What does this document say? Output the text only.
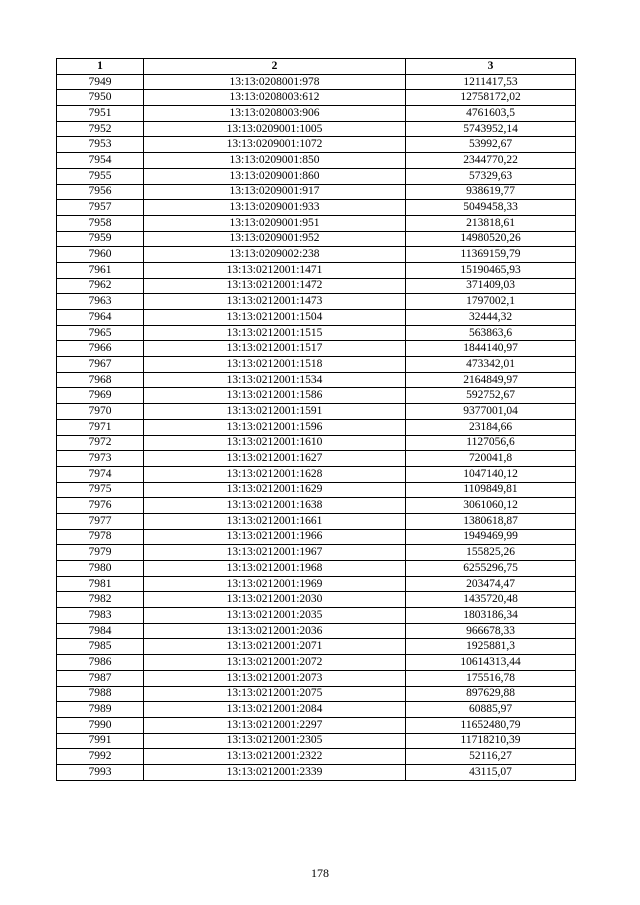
1	2	3
7949	13:13:0208001:978	1211417,53
7950	13:13:0208003:612	12758172,02
7951	13:13:0208003:906	4761603,5
7952	13:13:0209001:1005	5743952,14
7953	13:13:0209001:1072	53992,67
7954	13:13:0209001:850	2344770,22
7955	13:13:0209001:860	57329,63
7956	13:13:0209001:917	938619,77
7957	13:13:0209001:933	5049458,33
7958	13:13:0209001:951	213818,61
7959	13:13:0209001:952	14980520,26
7960	13:13:0209002:238	11369159,79
7961	13:13:0212001:1471	15190465,93
7962	13:13:0212001:1472	371409,03
7963	13:13:0212001:1473	1797002,1
7964	13:13:0212001:1504	32444,32
7965	13:13:0212001:1515	563863,6
7966	13:13:0212001:1517	1844140,97
7967	13:13:0212001:1518	473342,01
7968	13:13:0212001:1534	2164849,97
7969	13:13:0212001:1586	592752,67
7970	13:13:0212001:1591	9377001,04
7971	13:13:0212001:1596	23184,66
7972	13:13:0212001:1610	1127056,6
7973	13:13:0212001:1627	720041,8
7974	13:13:0212001:1628	1047140,12
7975	13:13:0212001:1629	1109849,81
7976	13:13:0212001:1638	3061060,12
7977	13:13:0212001:1661	1380618,87
7978	13:13:0212001:1966	1949469,99
7979	13:13:0212001:1967	155825,26
7980	13:13:0212001:1968	6255296,75
7981	13:13:0212001:1969	203474,47
7982	13:13:0212001:2030	1435720,48
7983	13:13:0212001:2035	1803186,34
7984	13:13:0212001:2036	966678,33
7985	13:13:0212001:2071	1925881,3
7986	13:13:0212001:2072	10614313,44
7987	13:13:0212001:2073	175516,78
7988	13:13:0212001:2075	897629,88
7989	13:13:0212001:2084	60885,97
7990	13:13:0212001:2297	11652480,79
7991	13:13:0212001:2305	11718210,39
7992	13:13:0212001:2322	52116,27
7993	13:13:0212001:2339	43115,07
178
